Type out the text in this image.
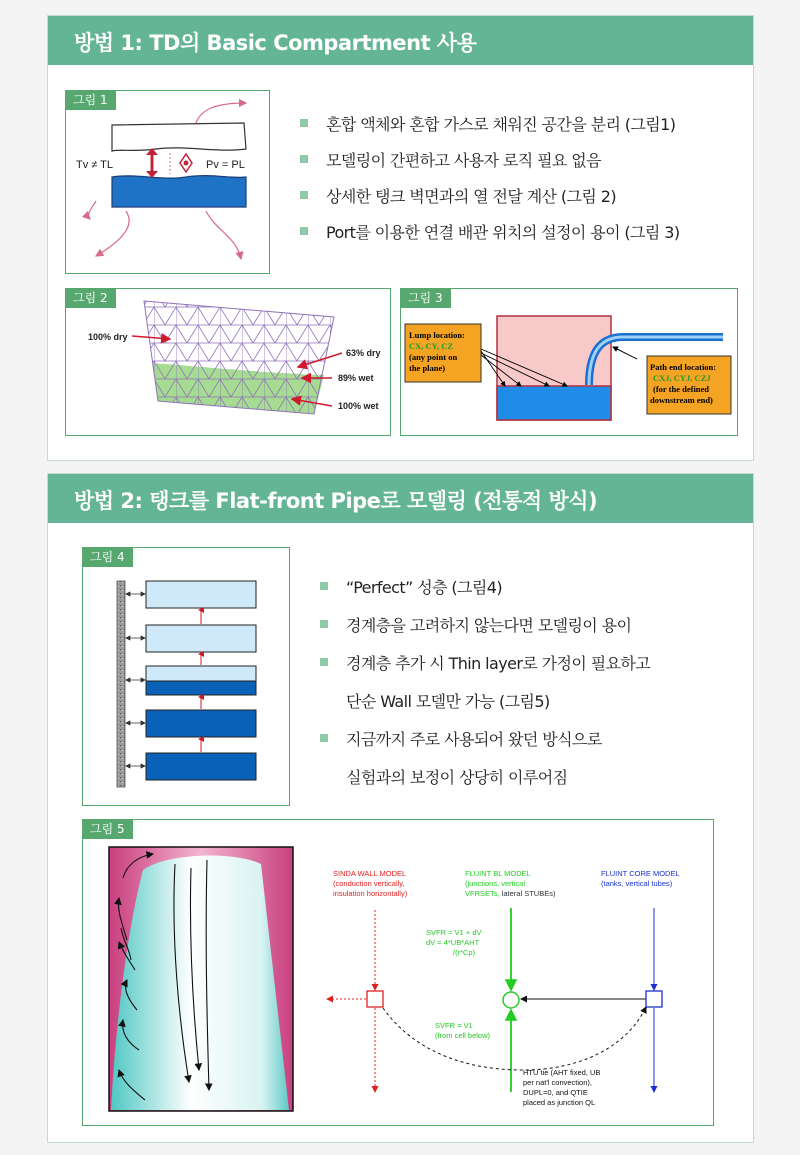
방법 1: TD의 Basic Compartment 사용
그림 1
Tv ≠ TL	Pv = PL
혼합 액체와 혼합 가스로 채워진 공간을 분리 (그림1)
모델링이 간편하고 사용자 로직 필요 없음
상세한 탱크 벽면과의 열 전달 계산 (그림 2)
Port를 이용한 연결 배관 위치의 설정이 용이 (그림 3)
그림 2
100% dry
63% dry
89% wet
100% wet
그림 3
Lump location:
CX, CY, CZ
(any point on
the plane)	Path end location:
CXJ, CYJ, CZJ
(for the defined
downstream end)
방법 2: 탱크를 Flat-front Pipe로 모델링 (전통적 방식)
그림 4
“Perfect” 성층 (그림4)
경계층을 고려하지 않는다면 모델링이 용이
경계층 추가 시 Thin layer로 가정이 필요하고
단순 Wall 모델만 가능 (그림5)
지금까지 주로 사용되어 왔던 방식으로
실험과의 보정이 상당히 이루어짐
그림 5
SINDA WALL MODEL
(conduction vertically,
insulation horizontally)
FLUINT BL MODEL
(junctions, vertical
VFRSETs, lateral STUBEs)
FLUINT CORE MODEL
(tanks, vertical tubes)
SVFR = V1 + dV
dV = 4*UB*AHT
/(r*Cp)
SVFR = V1
(from cell below)
HTU tie (AHT fixed, UB
per nat'l convection),
DUPL=0, and QTIE
placed as junction QL
